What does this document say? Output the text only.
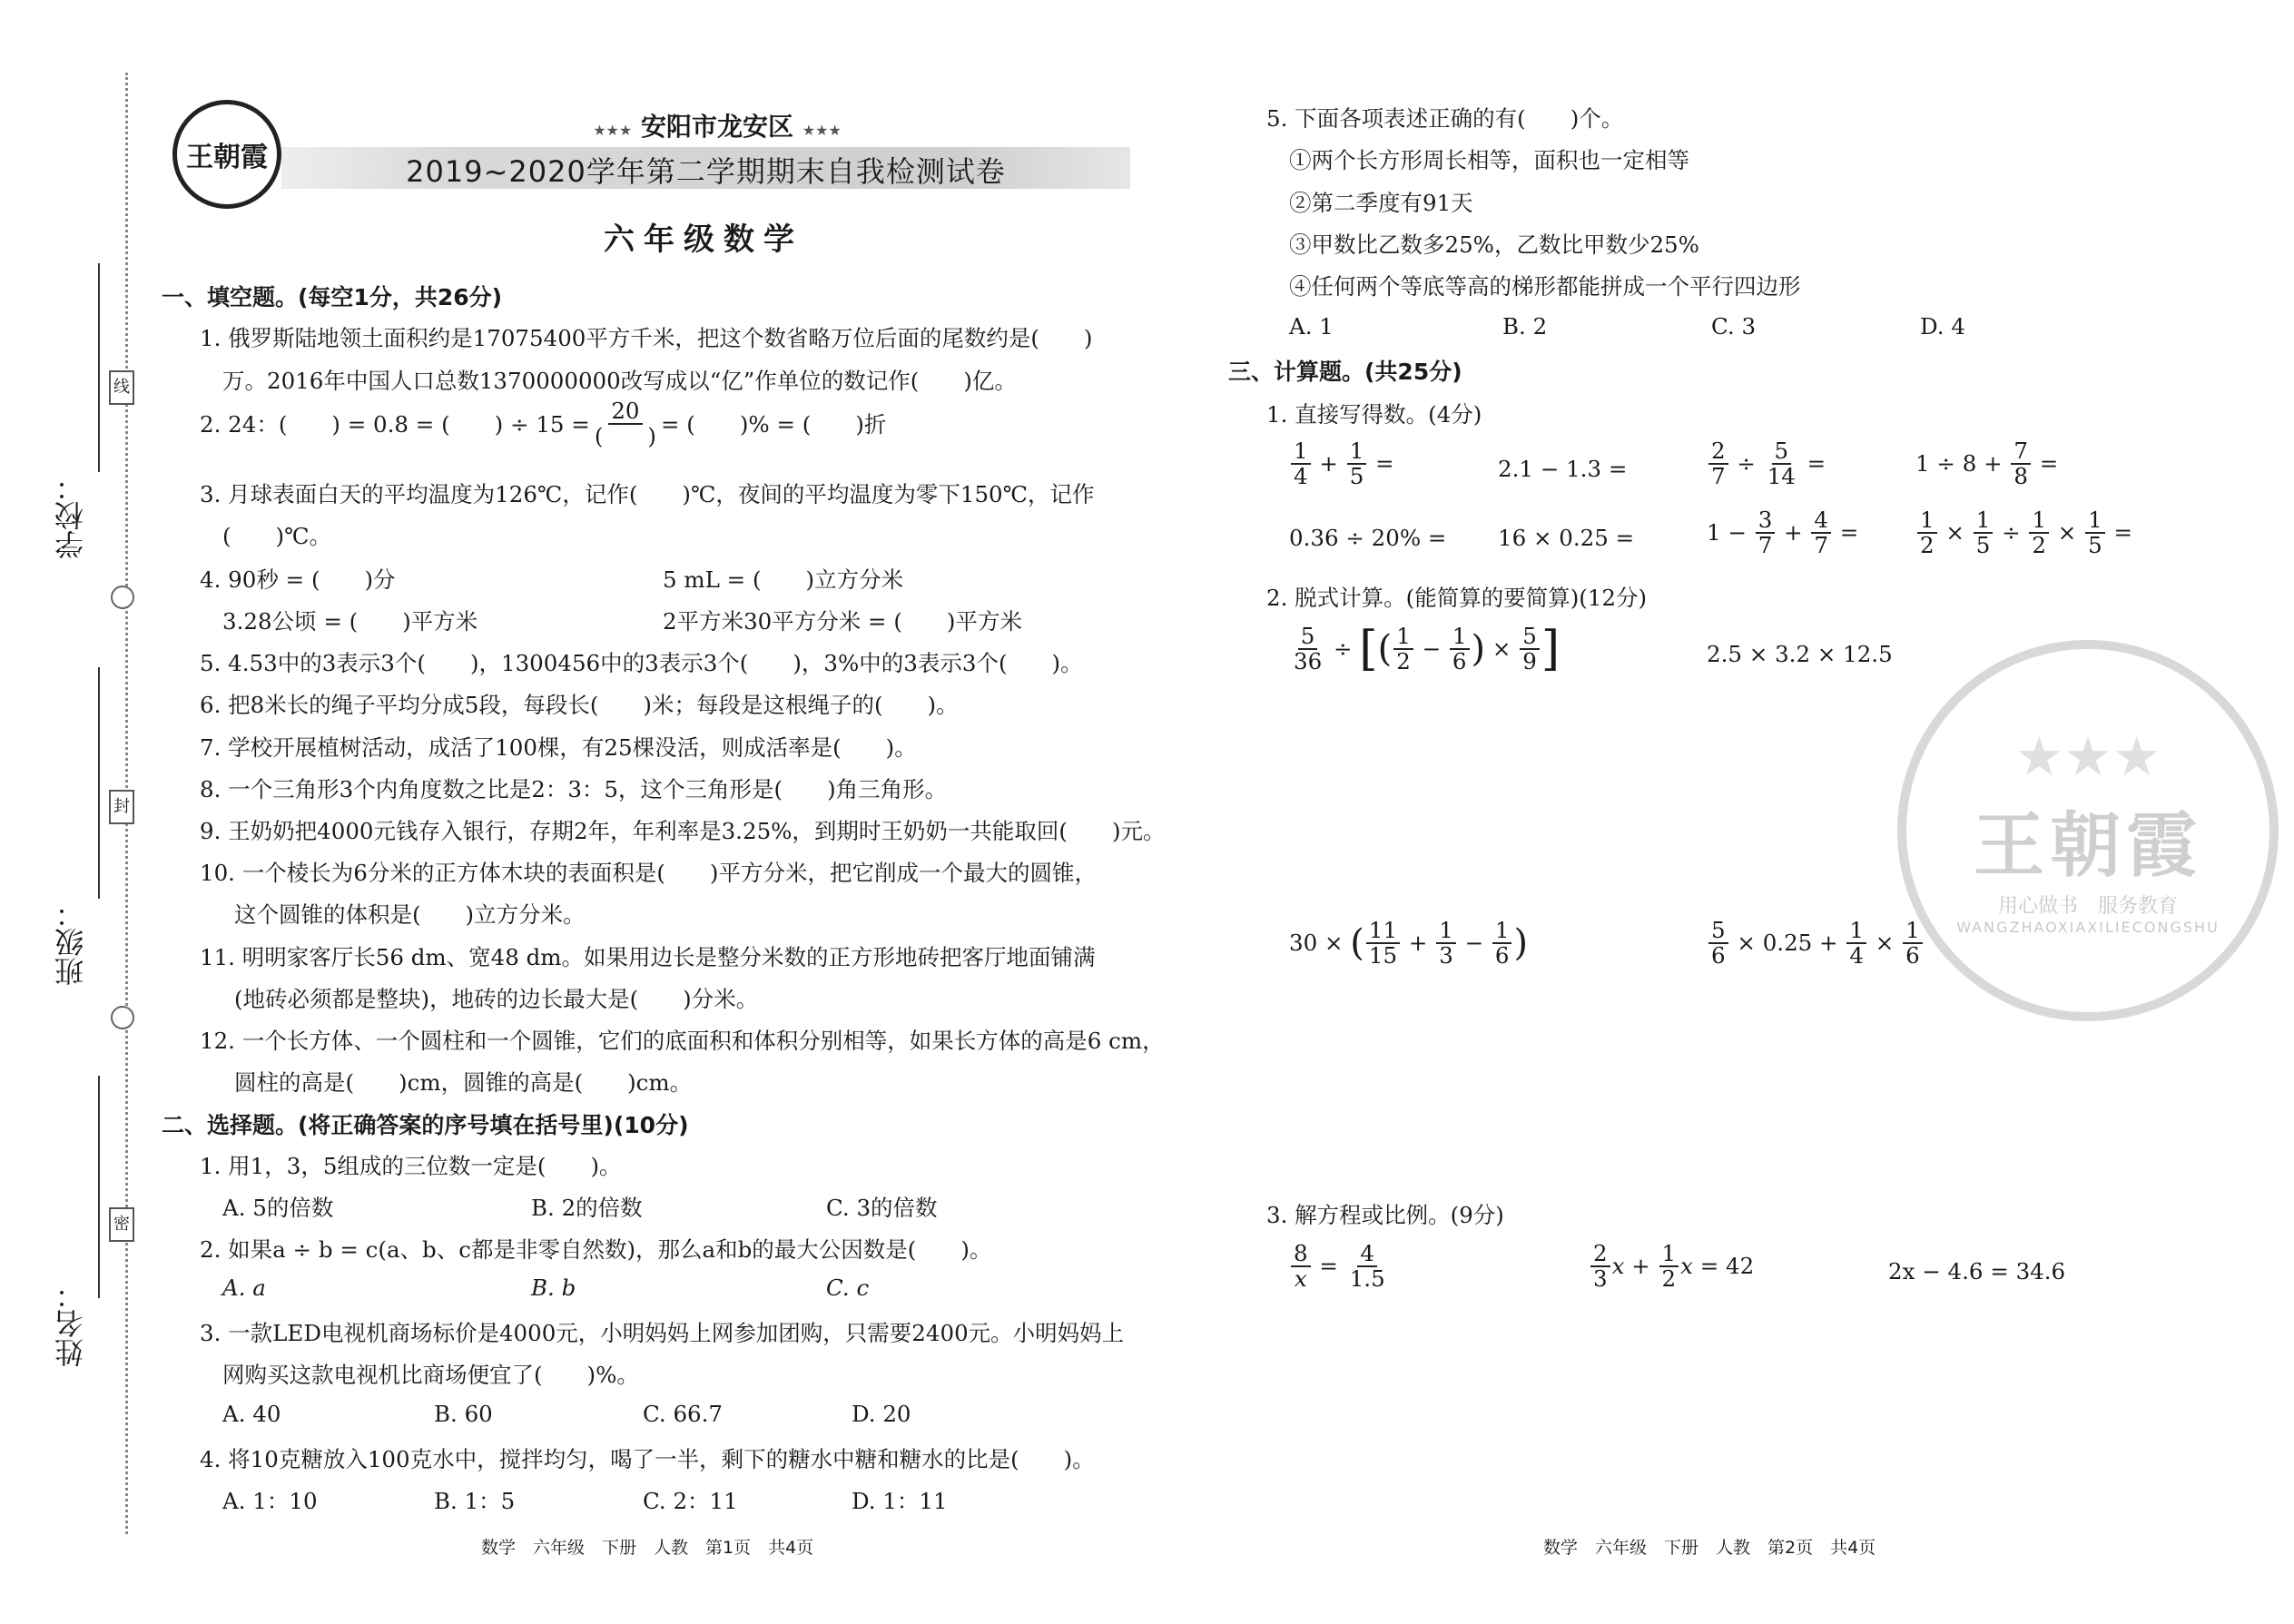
学校：
班级：
姓名：
线
封
密
王朝霞
★★★ 安阳市龙安区 ★★★
2019~2020学年第二学期期末自我检测试卷
六年级数学
一、填空题。(每空1分，共26分)
1. 俄罗斯陆地领土面积约是17075400平方千米，把这个数省略万位后面的尾数约是(　　)
万。2016年中国人口总数1370000000改写成以“亿”作单位的数记作(　　)亿。
2. 24：(　　) = 0.8 = (　　) ÷ $15 = \frac{20}{( )}$ = (　　)% = (　　)折
3. 月球表面白天的平均温度为126℃，记作(　　)℃，夜间的平均温度为零下150℃，记作
(　　)℃。
4. 90秒 = (　　)分	5 mL = (　　)立方分米
3.28公顷 = (　　)平方米	2平方米30平方分米 = (　　)平方米
5. 4.53中的3表示3个(　　)，1300456中的3表示3个(　　)，3%中的3表示3个(　　)。
6. 把8米长的绳子平均分成5段，每段长(　　)米；每段是这根绳子的(　　)。
7. 学校开展植树活动，成活了100棵，有25棵没活，则成活率是(　　)。
8. 一个三角形3个内角度数之比是2：3：5，这个三角形是(　　)角三角形。
9. 王奶奶把4000元钱存入银行，存期2年，年利率是3.25%，到期时王奶奶一共能取回(　　)元。
10. 一个棱长为6分米的正方体木块的表面积是(　　)平方分米，把它削成一个最大的圆锥，
这个圆锥的体积是(　　)立方分米。
11. 明明家客厅长56 dm、宽48 dm。如果用边长是整分米数的正方形地砖把客厅地面铺满
(地砖必须都是整块)，地砖的边长最大是(　　)分米。
12. 一个长方体、一个圆柱和一个圆锥，它们的底面积和体积分别相等，如果长方体的高是6 cm，
圆柱的高是(　　)cm，圆锥的高是(　　)cm。
二、选择题。(将正确答案的序号填在括号里)(10分)
1. 用1，3，5组成的三位数一定是(　　)。
A. 5的倍数	B. 2的倍数	C. 3的倍数
2. 如果a ÷ b = c(a、b、c都是非零自然数)，那么a和b的最大公因数是(　　)。
A. a	B. b	C. c
3. 一款LED电视机商场标价是4000元，小明妈妈上网参加团购，只需要2400元。小明妈妈上
网购买这款电视机比商场便宜了(　　)%。
A. 40	B. 60	C. 66.7	D. 20
4. 将10克糖放入100克水中，搅拌均匀，喝了一半，剩下的糖水中糖和糖水的比是(　　)。
A. 1：10	B. 1：5	C. 2：11	D. 1：11
数学　六年级　下册　人教　第1页　共4页
5. 下面各项表述正确的有(　　)个。
①两个长方形周长相等，面积也一定相等
②第二季度有91天
③甲数比乙数多25%，乙数比甲数少25%
④任何两个等底等高的梯形都能拼成一个平行四边形
A. 1	B. 2	C. 3	D. 4
三、计算题。(共25分)
1. 直接写得数。(4分)
$\frac{1}{4} + \frac{1}{5}$ =	2.1 − 1.3 =	$\frac{2}{7} \div \frac{5}{14}$ =	$1 \div 8 + \frac{7}{8}$ =
0.36 ÷ 20% = 16 × 0.25 =	$1 - \frac{3}{7} + \frac{4}{7}$ =	$\frac{1}{2} \times \frac{1}{5} \div \frac{1}{2} \times \frac{1}{5}$ =
2. 脱式计算。(能简算的要简算)(12分)
$\frac{5}{36}$ ÷ [ ( $\frac{1}{2} - \frac{1}{6}$ ) × $\frac{5}{9}$ ]	2.5 × 3.2 × 12.5
30 × ( $\frac{11}{15} + \frac{1}{3} - \frac{1}{6}$ )	$\frac{5}{6} \times 0.25 + \frac{1}{4} \times \frac{1}{6}$
3. 解方程或比例。(9分)
$\frac{8}{x} = \frac{4}{1.5}$	$\frac{2}{3}$ $x + \frac{1}{2}$ x = 42	2x − 4.6 = 34.6
★★★
王朝霞
用心做书　服务教育
WANGZHAOXIAXILIECONGSHU
数学　六年级　下册　人教　第2页　共4页
